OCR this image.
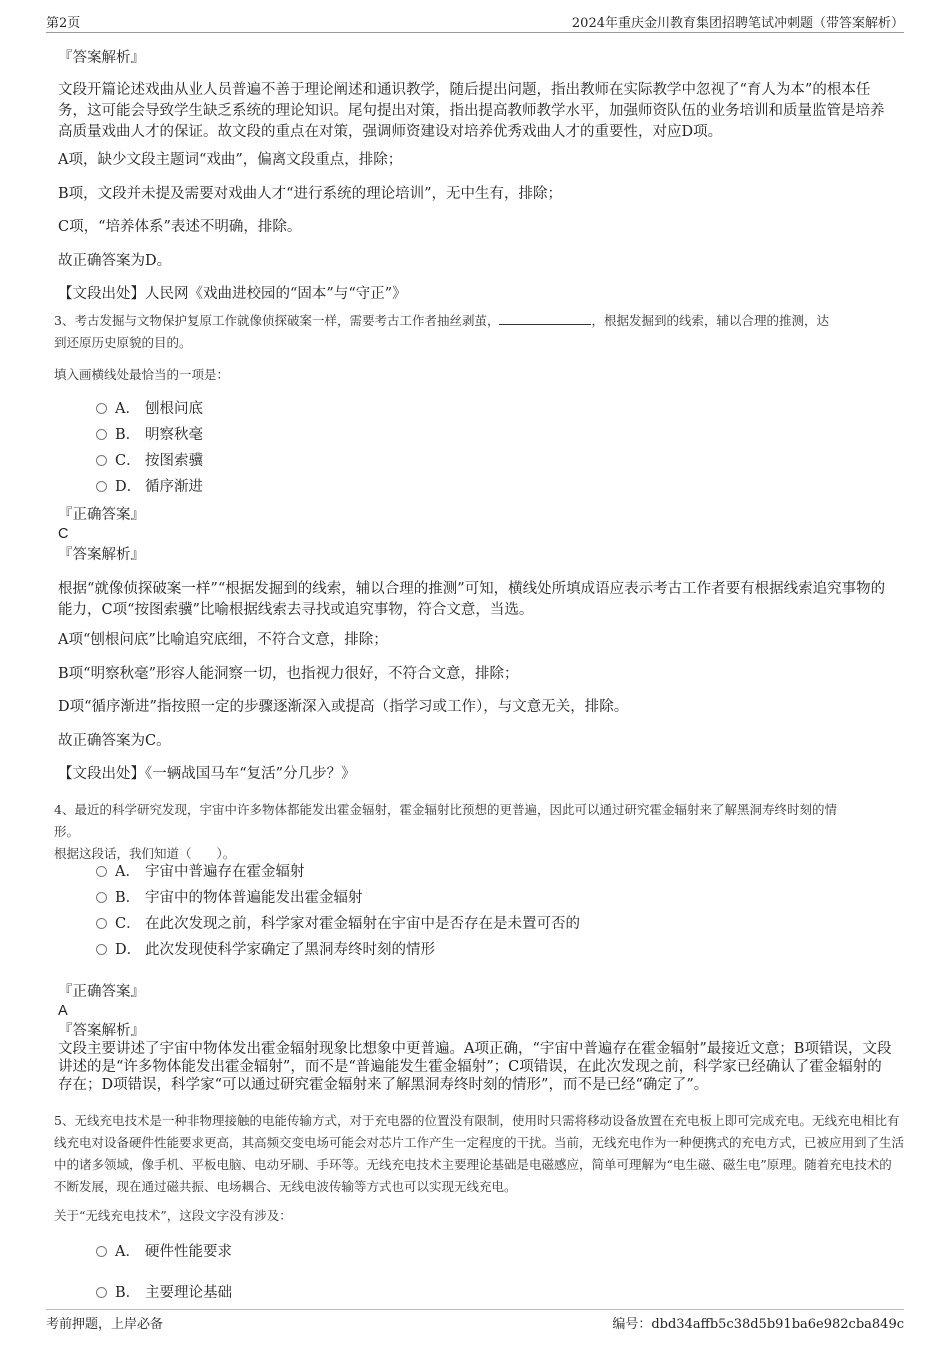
第2页	2024年重庆金川教育集团招聘笔试冲刺题（带答案解析）
『答案解析』
文段开篇论述戏曲从业人员普遍不善于理论阐述和通识教学，随后提出问题，指出教师在实际教学中忽视了“育人为本”的根本任务，这可能会导致学生缺乏系统的理论知识。尾句提出对策，指出提高教师教学水平，加强师资队伍的业务培训和质量监管是培养高质量戏曲人才的保证。故文段的重点在对策，强调师资建设对培养优秀戏曲人才的重要性，对应D项。
A项，缺少文段主题词“戏曲”，偏离文段重点，排除；
B项，文段并未提及需要对戏曲人才“进行系统的理论培训”，无中生有，排除；
C项，“培养体系”表述不明确，排除。
故正确答案为D。
【文段出处】人民网《戏曲进校园的“固本”与“守正”》
3、考古发掘与文物保护复原工作就像侦探破案一样，需要考古工作者抽丝剥茧，	，根据发掘到的线索，辅以合理的推测，达
到还原历史原貌的目的。
填入画横线处最恰当的一项是：
A． 刨根问底
B． 明察秋毫
C． 按图索骥
D． 循序渐进
『正确答案』
C
『答案解析』
根据“就像侦探破案一样”“根据发掘到的线索，辅以合理的推测”可知，横线处所填成语应表示考古工作者要有根据线索追究事物的能力，C项“按图索骥”比喻根据线索去寻找或追究事物，符合文意，当选。
A项“刨根问底”比喻追究底细，不符合文意，排除；
B项“明察秋毫”形容人能洞察一切，也指视力很好，不符合文意，排除；
D项“循序渐进”指按照一定的步骤逐渐深入或提高（指学习或工作），与文意无关，排除。
故正确答案为C。
【文段出处】《一辆战国马车“复活”分几步？》
4、最近的科学研究发现，宇宙中许多物体都能发出霍金辐射，霍金辐射比预想的更普遍，因此可以通过研究霍金辐射来了解黑洞寿终时刻的情
形。
根据这段话，我们知道（　　）。
A． 宇宙中普遍存在霍金辐射
B． 宇宙中的物体普遍能发出霍金辐射
C． 在此次发现之前，科学家对霍金辐射在宇宙中是否存在是未置可否的
D． 此次发现使科学家确定了黑洞寿终时刻的情形
『正确答案』
A
『答案解析』
文段主要讲述了宇宙中物体发出霍金辐射现象比想象中更普遍。A项正确，“宇宙中普遍存在霍金辐射”最接近文意；B项错误，文段讲述的是“许多物体能发出霍金辐射”，而不是“普遍能发生霍金辐射”；C项错误，在此次发现之前，科学家已经确认了霍金辐射的存在；D项错误，科学家“可以通过研究霍金辐射来了解黑洞寿终时刻的情形”，而不是已经“确定了”。
5、无线充电技术是一种非物理接触的电能传输方式，对于充电器的位置没有限制，使用时只需将移动设备放置在充电板上即可完成充电。无线充电相比有线充电对设备硬件性能要求更高，其高频交变电场可能会对芯片工作产生一定程度的干扰。当前，无线充电作为一种便携式的充电方式，已被应用到了生活中的诸多领域，像手机、平板电脑、电动牙刷、手环等。无线充电技术主要理论基础是电磁感应，简单可理解为“电生磁、磁生电”原理。随着充电技术的不断发展，现在通过磁共振、电场耦合、无线电波传输等方式也可以实现无线充电。
关于“无线充电技术”，这段文字没有涉及：
A． 硬件性能要求
B． 主要理论基础
考前押题，上岸必备	编号：dbd34affb5c38d5b91ba6e982cba849c
